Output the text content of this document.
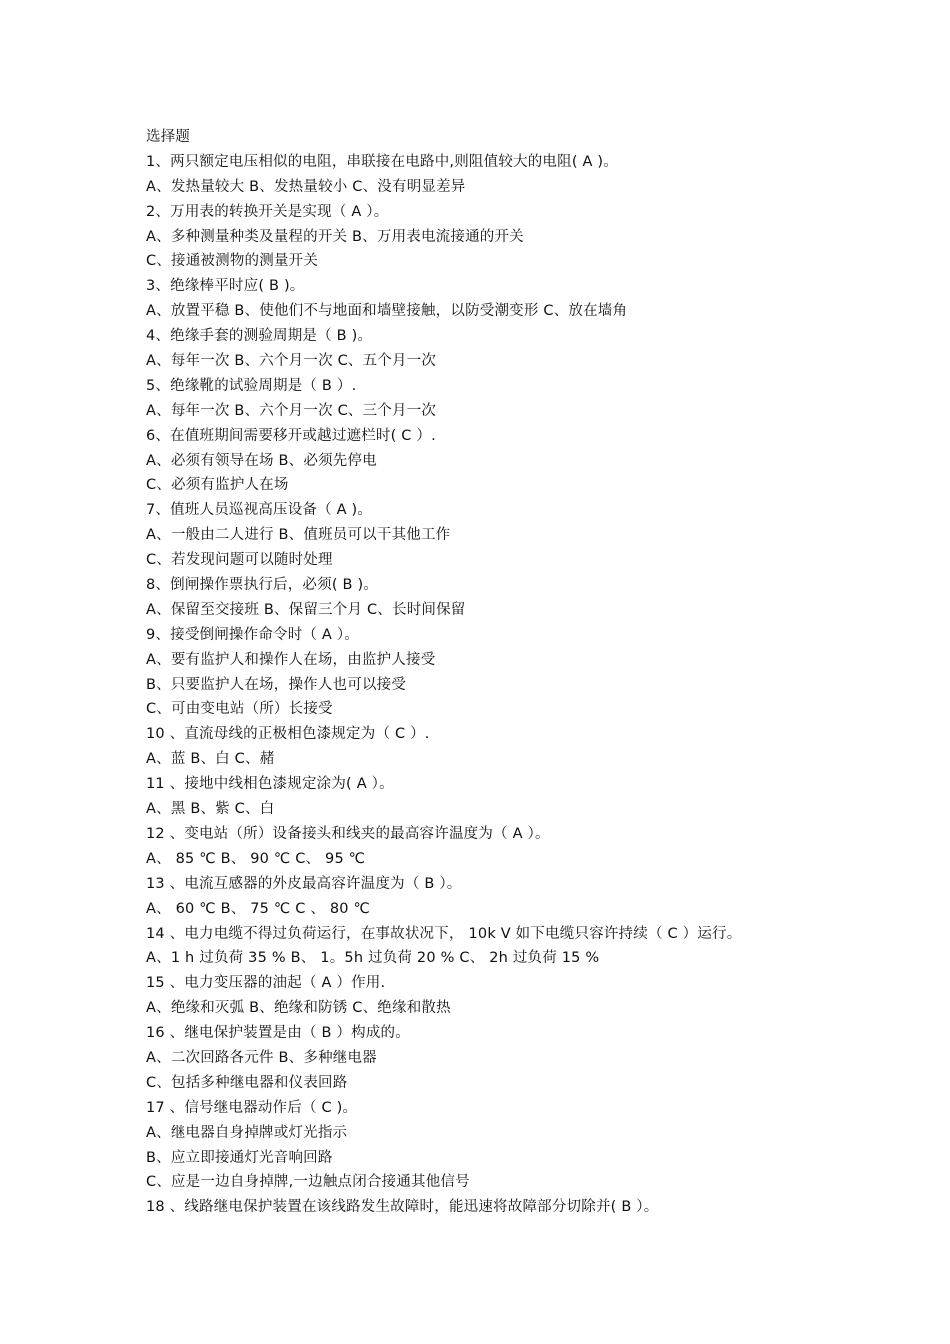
选择题
1、两只额定电压相似的电阻，串联接在电路中,则阻值较大的电阻( A )。
A、发热量较大 B、发热量较小 C、没有明显差异
2、万用表的转换开关是实现（ A ）。
A、多种测量种类及量程的开关 B、万用表电流接通的开关
C、接通被测物的测量开关
3、绝缘棒平时应( B )。
A、放置平稳 B、使他们不与地面和墙壁接触，以防受潮变形 C、放在墙角
4、绝缘手套的测验周期是（ B )。
A、每年一次 B、六个月一次 C、五个月一次
5、绝缘靴的试验周期是（ B ）.
A、每年一次 B、六个月一次 C、三个月一次
6、在值班期间需要移开或越过遮栏时( C ）.
A、必须有领导在场 B、必须先停电
C、必须有监护人在场
7、值班人员巡视高压设备（ A )。
A、一般由二人进行 B、值班员可以干其他工作
C、若发现问题可以随时处理
8、倒闸操作票执行后，必须( B )。
A、保留至交接班 B、保留三个月 C、长时间保留
9、接受倒闸操作命令时（ A ）。
A、要有监护人和操作人在场，由监护人接受
B、只要监护人在场，操作人也可以接受
C、可由变电站（所）长接受
10 、直流母线的正极相色漆规定为（ C ）.
A、蓝 B、白 C、赭
11 、接地中线相色漆规定涂为( A ）。
A、黑 B、紫 C、白
12 、变电站（所）设备接头和线夹的最高容许温度为（ A ）。
A、 85 ℃ B、 90 ℃ C、 95 ℃
13 、电流互感器的外皮最高容许温度为（ B ）。
A、 60 ℃ B、 75 ℃ C 、 80 ℃
14 、电力电缆不得过负荷运行，在事故状况下， 10k V 如下电缆只容许持续（ C ）运行。
A、1 h 过负荷 35 % B、 1。5h 过负荷 20 % C、 2h 过负荷 15 %
15 、电力变压器的油起（ A ）作用.
A、绝缘和灭弧 B、绝缘和防锈 C、绝缘和散热
16 、继电保护装置是由（ B ）构成的。
A、二次回路各元件 B、多种继电器
C、包括多种继电器和仪表回路
17 、信号继电器动作后（ C )。
A、继电器自身掉牌或灯光指示
B、应立即接通灯光音响回路
C、应是一边自身掉牌,一边触点闭合接通其他信号
18 、线路继电保护装置在该线路发生故障时，能迅速将故障部分切除并( B ）。
